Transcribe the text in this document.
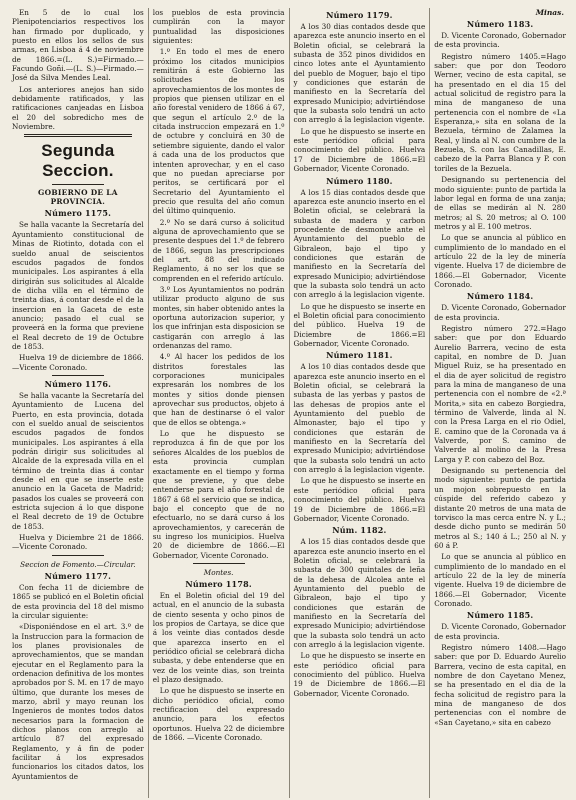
En 5 de lo cual los Plenipotenciarios respectivos los han firmado por duplicado, y puesto en ellos los sellos de sus armas, en Lisboa á 4 de noviembre de 1866.=(L. S.)=Firmado.—Facundo Goñi.—(L. S.)—Firmado.—José da Silva Mendes Leal.

Los anteriores anejos han sido debidamente ratificados, y las ratificaciones canjeadas en Lisboa el 20 del sobredicho mes de Noviembre.

Segunda Seccion.
GOBIERNO DE LA PROVINCIA.
Número 1175.

Se halla vacante la Secretaría del Ayuntamiento constitucional de Minas de Riotinto, dotada con el sueldo anual de seiscientos escudos pagados de fondos municipales. Los aspirantes á ella dirigirán sus solicitudes al Alcalde de dicha villa en el término de treinta dias, á contar desde el de la insercion en la Gaceta de este anuncio; pasado el cual se proveerá en la forma que previene el Real decreto de 19 de Octubre de 1853.

Huelva 19 de diciembre de 1866.—Vicente Coronado.

Número 1176.

Se halla vacante la Secretaría del Ayuntamiento de Lucena del Puerto, en esta provincia, dotada con el sueldo anual de seiscientos escudos pagados de fondos municipales. Los aspirantes á ella podrán dirigir sus solicitudes al Alcalde de la expresada villa en el término de treinta dias á contar desde el en que se inserte este anuncio en la Gaceta de Madrid; pasados los cuales se proveerá con estricta sujecion á lo que dispone el Real decreto de 19 de Octubre de 1853.

Huelva y Diciembre 21 de 1866. —Vicente Coronado.

Seccion de Fomento.—Circular.
Número 1177.

Con fecha 11 de diciembre de 1865 se publicó en el Boletin oficial de esta provincia del 18 del mismo la circular siguiente:

«Disponiéndose en el art. 3.º de la Instruccion para la formacion de los planes provisionales de aprovechamientos, que se mandan ejecutar en el Reglamento para la ordenacion definitiva de los montes aprobados por S. M. en 17 de mayo último, que durante los meses de marzo, abril y mayo reunan los Ingenieros de montes todos datos necesarios para la formacion de dichos planos con arreglo al artículo 87 del expresado Reglamento, y á fin de poder facilitar á los expresados funcionarios los citados datos, los Ayuntamientos de

los pueblos de esta provincia cumplirán con la mayor puntualidad las disposiciones siguientes:

1.º En todo el mes de enero próximo los citados municipios remitirán á este Gobierno las solicitudes de los aprovechamientos de los montes de propios que piensen utilizar en el año forestal venidero de 1866 á 67, que segun el artículo 2.º de la citada instruccion empezará en 1.º de octubre y concluirá en 30 de setiembre siguiente, dando el valor á cada una de los productos que intenten aprovechar, y en el caso que no puedan apreciarse por peritos, se certificará por el Secretario del Ayuntamiento el precio que resulta del año comun del último quinquenio.

2.º No se dará curso á solicitud alguna de aprovechamiento que se presente despues del 1.º de febrero de 1866, segun las prescripciones del art. 88 del indicado Reglamento, á no ser los que se comprenden en el referido artículo.

3.º Los Ayuntamientos no podrán utilizar producto alguno de sus montes, sin haber obtenido antes la oportuna autorizacion superior, y los que infrinjan esta disposicion se castigarán con arreglo á las ordenanzas del ramo.

4.º Al hacer los pedidos de los distritos forestales las corporaciones municipales expresarán los nombres de los montes y sitios donde piensen aprovechar sus productos, objeto á que han de destinarse ó el valor que de ellos se obtenga.»

Lo que he dispuesto se reproduzca á fin de que por los señores Alcaldes de los pueblos de esta provincia cumplan exactamente en el tiempo y forma que se previene, y que debe entenderse para el año forestal de 1867 á 68 el servicio que se indica, bajo el concepto que de no efectuarlo, no se dará curso á los aprovechamientos, y carecerán de su ingreso los municipios. Huelva 20 de diciembre de 1866.—El Gobernador, Vicente Coronado.

Montes.
Número 1178.

En el Boletin oficial del 19 del actual, en el anuncio de la subasta de ciento sesenta y ocho pinos de los propios de Cartaya, se dice que á los veinte dias contados desde que aparezca inserto en el periódico oficial se celebrará dicha subasta, y debe entenderse que en vez de los veinte dias, son treinta el plazo designado.

Lo que he dispuesto se inserte en dicho periódico oficial, como rectificacion del expresado anuncio, para los efectos oportunos. Huelva 22 de diciembre de 1866. —Vicente Coronado.

Número 1179.

A los 30 dias contados desde que aparezca este anuncio inserto en el Boletin oficial, se celebrará la subasta de 352 pinos divididos en cinco lotes ante el Ayuntamiento del pueblo de Moguer, bajo el tipo y condiciones que estarán de manifiesto en la Secretaría del expresado Municipio; advirtiéndose que la subasta solo tendrá un acto con arreglo á la legislacion vigente.

Lo que he dispuesto se inserte en este periódico oficial para conocimiento del público. Huelva 17 de Diciembre de 1866.=El Gobernador, Vicente Coronado.

Número 1180.

A los 15 dias contados desde que aparezca este anuncio inserto en el Boletin oficial, se celebrará la subasta de madera y carbon procedente de desmonte ante el Ayuntamiento del pueblo de Gibraleon, bajo el tipo y condiciones que estarán de manifiesto en la Secretaría del expresado Municipio; advirtiéndose que la subasta solo tendrá un acto con arreglo á la legislacion vigente.

Lo que he dispuesto se inserte en el Boletin oficial para conocimiento del público. Huelva 19 de Diciembre de 1866.=El Gobernador, Vicente Coronado.

Número 1181.

A los 10 dias contados desde que aparezca este anuncio inserto en el Boletin oficial, se celebrará la subasta de las yerbas y pastos de las dehesas de propios ante el Ayuntamiento del pueblo de Almonaster, bajo el tipo y condiciones que estarán de manifiesto en la Secretaría del expresado Municipio; advirtiéndose que la subasta solo tendrá un acto con arreglo á la legislacion vigente.

Lo que he dispuesto se inserte en este periódico oficial para conocimiento del público. Huelva 19 de Diciembre de 1866.=El Gobernador, Vicente Coronado.

Núm. 1182.

A los 15 dias contados desde que aparezca este anuncio inserto en el Boletin oficial, se celebrará la subasta de 300 quintales de leña de la dehesa de Alcolea ante el Ayuntamiento del pueblo de Gibraleon, bajo el tipo y condiciones que estarán de manifiesto en la Secretaría del expresado Municipio; advirtiéndose que la subasta solo tendrá un acto con arreglo á la legislacion vigente.

Lo que he dispuesto se inserte en este periódico oficial para conocimiento del público. Huelva 19 de Diciembre de 1866.—El Gobernador, Vicente Coronado.

Minas.
Número 1183.

D. Vicente Coronado, Gobernador de esta provincia.

Registro número 1405.=Hago saber: que por don Teodoro Werner, vecino de esta capital, se ha presentado en el dia 15 del actual solicitud de registro para la mina de manganeso de una pertenencia con el nombre de «La Esperanza,» sita en solana de la Bezuela, término de Zalamea la Real, y linda al N. con cumbre de la Bezuela, S. con las Canadillas, E. cabezo de la Parra Blanca y P. con toriles de la Bezuela.

Designando su pertenencia del modo siguiente: punto de partida la labor legal en forma de una zanja; de ellas se medirán al N. 280 metros; al S. 20 metros; al O. 100 metros y al E. 100 metros.

Lo que se anuncia al público en cumplimiento de lo mandado en el artículo 22 de la ley de minería vigente. Huelva 17 de diciembre de 1866.—El Gobernador, Vicente Coronado.

Número 1184.

D. Vicente Coronado, Gobernador de esta provincia.

Registro número 272.=Hago saber: que por don Eduardo Aurelio Barrera, vecino de esta capital, en nombre de D. Juan Miguel Ruiz, se ha presentado en el dia de ayer solicitud de registro para la mina de manganeso de una pertenencia con el nombre de «2.ª Morita,» sita en cabezo Borgiedra, término de Valverde, linda al N. con la Presa Larga en el rio Odiel, E. camino que de la Coronada va á Valverde, por S. camino de Valverde al molino de la Presa Larga y P. con cabezo del Boz.

Designando su pertenencia del modo siguiente: punto de partida un mojon sobrepuesto en la cúspide del referido cabezo y distante 20 metros de una mata de torvisco la mas cerca entre N. y L.; desde dicho punto se medirán 50 metros al S.; 140 á L.; 250 al N. y 60 á P.

Lo que se anuncia al público en cumplimiento de lo mandado en el artículo 22 de la ley de minería vigente. Huelva 19 de diciembre de 1866.—El Gobernador, Vicente Coronado.

Número 1185.

D. Vicente Coronado, Gobernador de esta provincia.

Registro número 1408.—Hago saber: que por D. Eduardo Aurelio Barrera, vecino de esta capital, en nombre de don Cayetano Menez, se ha presentado en el dia de la fecha solicitud de registro para la mina de manganeso de dos pertenencias con el nombre de «San Cayetano,» sita en cabezo
